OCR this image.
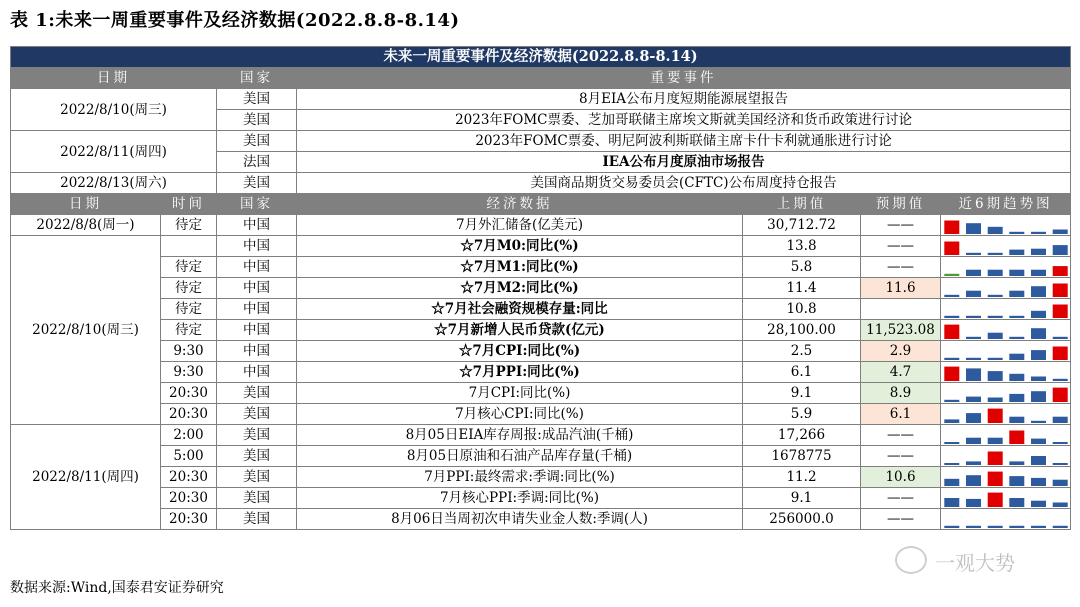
表 1:未来一周重要事件及经济数据(2022.8.8-8.14)
未来一周重要事件及经济数据(2022.8.8-8.14)						
日期		国家	重要事件			
2022/8/10(周三)		美国	8月EIA公布月度短期能源展望报告			
		美国	2023年FOMC票委、芝加哥联储主席埃文斯就美国经济和货币政策进行讨论			
2022/8/11(周四)		美国	2023年FOMC票委、明尼阿波利斯联储主席卡什卡利就通胀进行讨论			
		法国	IEA公布月度原油市场报告			
2022/8/13(周六)		美国	美国商品期货交易委员会(CFTC)公布周度持仓报告			
日期	时间	国家	经济数据	上期值	预期值	近6期趋势图
2022/8/8(周一)	待定	中国	7月外汇储备(亿美元)	30,712.72	——	

2022/8/10(周三)		中国	☆7月M0:同比(%)	13.8	——	

	待定	中国	☆7月M1:同比(%)	5.8	——	

	待定	中国	☆7月M2:同比(%)	11.4	11.6	

	待定	中国	☆7月社会融资规模存量:同比	10.8		

	待定	中国	☆7月新增人民币贷款(亿元)	28,100.00	11,523.08	

	9:30	中国	☆7月CPI:同比(%)	2.5	2.9	

	9:30	中国	☆7月PPI:同比(%)	6.1	4.7	

	20:30	美国	7月CPI:同比(%)	9.1	8.9	

	20:30	美国	7月核心CPI:同比(%)	5.9	6.1	

2022/8/11(周四)	2:00	美国	8月05日EIA库存周报:成品汽油(千桶)	17,266	——	

	5:00	美国	8月05日原油和石油产品库存量(千桶)	1678775	——	

	20:30	美国	7月PPI:最终需求:季调:同比(%)	11.2	10.6	

	20:30	美国	7月核心PPI:季调:同比(%)	9.1	——	

	20:30	美国	8月06日当周初次申请失业金人数:季调(人)	256000.0	——	
数据来源:Wind,国泰君安证券研究
一观大势
